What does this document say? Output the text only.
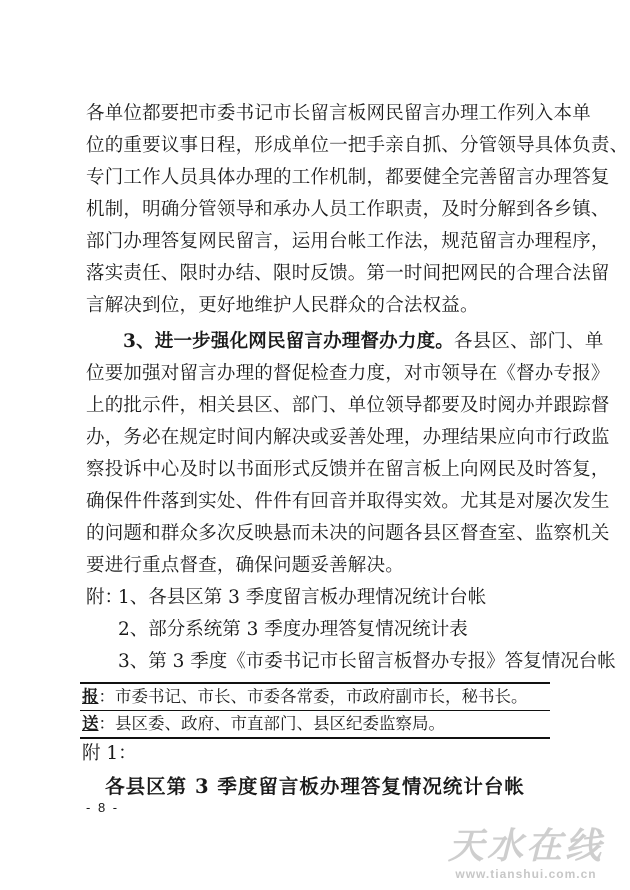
各单位都要把市委书记市长留言板网民留言办理工作列入本单
位的重要议事日程，形成单位一把手亲自抓、分管领导具体负责、
专门工作人员具体办理的工作机制，都要健全完善留言办理答复
机制，明确分管领导和承办人员工作职责，及时分解到各乡镇、
部门办理答复网民留言，运用台帐工作法，规范留言办理程序，
落实责任、限时办结、限时反馈。第一时间把网民的合理合法留
言解决到位，更好地维护人民群众的合法权益。
3、进一步强化网民留言办理督办力度。各县区、部门、单
位要加强对留言办理的督促检查力度，对市领导在《督办专报》
上的批示件，相关县区、部门、单位领导都要及时阅办并跟踪督
办，务必在规定时间内解决或妥善处理，办理结果应向市行政监
察投诉中心及时以书面形式反馈并在留言板上向网民及时答复，
确保件件落到实处、件件有回音并取得实效。尤其是对屡次发生
的问题和群众多次反映悬而未决的问题各县区督查室、监察机关
要进行重点督查，确保问题妥善解决。
附：
1、各县区第 3 季度留言板办理情况统计台帐
2、部分系统第 3 季度办理答复情况统计表
3、第 3 季度《市委书记市长留言板督办专报》答复情况台帐
报：市委书记、市长、市委各常委，市政府副市长，秘书长。
送：县区委、政府、市直部门、县区纪委监察局。
附 1：
各县区第 3 季度留言板办理答复情况统计台帐
- 8 -
天水在线
www.tianshui.com.cn
